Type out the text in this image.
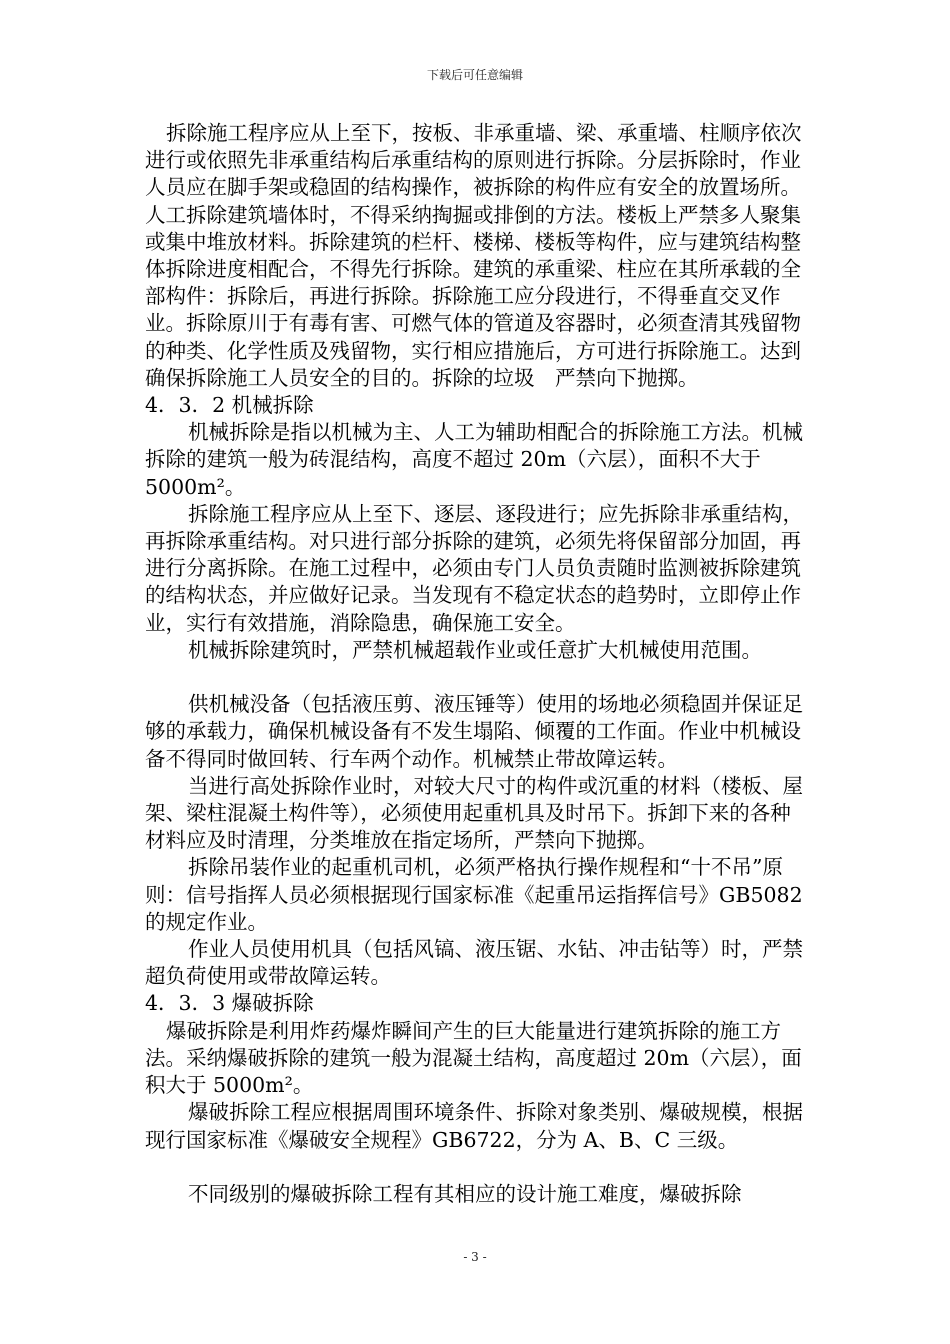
下载后可任意编辑

拆除施工程序应从上至下，按板、非承重墙、梁、承重墙、柱顺序依次进行或依照先非承重结构后承重结构的原则进行拆除。分层拆除时，作业人员应在脚手架或稳固的结构操作，被拆除的构件应有安全的放置场所。人工拆除建筑墙体时，不得采纳掏掘或排倒的方法。楼板上严禁多人聚集或集中堆放材料。拆除建筑的栏杆、楼梯、楼板等构件，应与建筑结构整体拆除进度相配合，不得先行拆除。建筑的承重梁、柱应在其所承载的全部构件：拆除后，再进行拆除。拆除施工应分段进行，不得垂直交叉作业。拆除原川于有毒有害、可燃气体的管道及容器时，必须查清其残留物的种类、化学性质及残留物，实行相应措施后，方可进行拆除施工。达到确保拆除施工人员安全的目的。拆除的垃圾　严禁向下抛掷。

4．3．2 机械拆除

机械拆除是指以机械为主、人工为辅助相配合的拆除施工方法。机械拆除的建筑一般为砖混结构，高度不超过 20m（六层），面积不大于 5000m²。

拆除施工程序应从上至下、逐层、逐段进行；应先拆除非承重结构，再拆除承重结构。对只进行部分拆除的建筑，必须先将保留部分加固，再进行分离拆除。在施工过程中，必须由专门人员负责随时监测被拆除建筑的结构状态，并应做好记录。当发现有不稳定状态的趋势时，立即停止作业，实行有效措施，消除隐患，确保施工安全。

机械拆除建筑时，严禁机械超载作业或任意扩大机械使用范围。

供机械没备（包括液压剪、液压锤等）使用的场地必须稳固并保证足够的承载力，确保机械设备有不发生塌陷、倾覆的工作面。作业中机械设备不得同时做回转、行车两个动作。机械禁止带故障运转。

当进行高处拆除作业时，对较大尺寸的构件或沉重的材料（楼板、屋架、梁柱混凝土构件等），必须使用起重机具及时吊下。拆卸下来的各种材料应及时清理，分类堆放在指定场所，严禁向下抛掷。

拆除吊装作业的起重机司机，必须严格执行操作规程和“十不吊”原则：信号指挥人员必须根据现行国家标准《起重吊运指挥信号》GB5082 的规定作业。

作业人员使用机具（包括风镐、液压锯、水钻、冲击钻等）时，严禁超负荷使用或带故障运转。

4．3．3 爆破拆除

爆破拆除是利用炸药爆炸瞬间产生的巨大能量进行建筑拆除的施工方法。采纳爆破拆除的建筑一般为混凝土结构，高度超过 20m（六层），面积大于 5000m²。

爆破拆除工程应根据周围环境条件、拆除对象类别、爆破规模，根据现行国家标准《爆破安全规程》GB6722，分为 A、B、C 三级。

不同级别的爆破拆除工程有其相应的设计施工难度，爆破拆除

- 3 -
